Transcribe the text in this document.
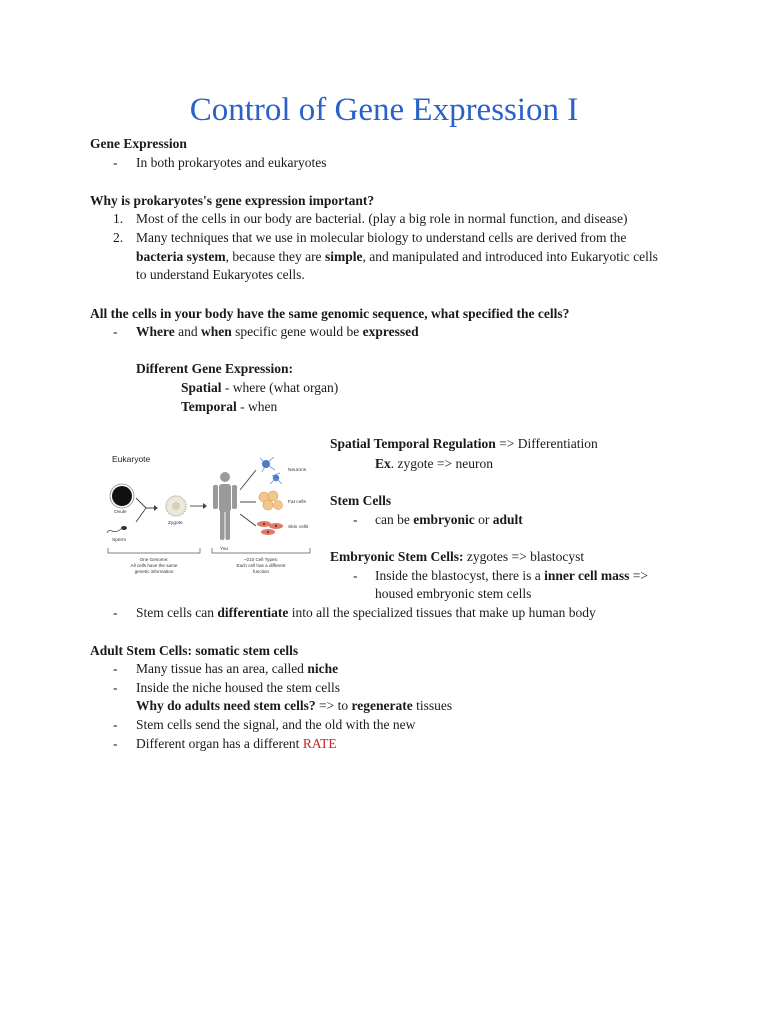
Control of Gene Expression I
Gene Expression
- In both prokaryotes and eukaryotes
Why is prokaryotes's gene expression important?
1. Most of the cells in our body are bacterial. (play a big role in normal function, and disease)
2. Many techniques that we use in molecular biology to understand cells are derived from the
bacteria system, because they are simple, and manipulated and introduced into Eukaryotic cells
to understand Eukaryotes cells.
All the cells in your body have the same genomic sequence, what specified the cells?
- Where and when specific gene would be expressed
Different Gene Expression:
Spatial - where (what organ)
Temporal - when
Eukaryote
Ovule
Sperm
Zygote
You
Neurons
Fat cells
Skin cells
One Genome:
All cells have the same
genetic information
~210 Cell Types:
Each cell has a different
function
Spatial Temporal Regulation => Differentiation
Ex. zygote => neuron
Stem Cells
- can be embryonic or adult
Embryonic Stem Cells: zygotes => blastocyst
- Inside the blastocyst, there is a inner cell mass =>
housed embryonic stem cells
- Stem cells can differentiate into all the specialized tissues that make up human body
Adult Stem Cells: somatic stem cells
- Many tissue has an area, called niche
- Inside the niche housed the stem cells
Why do adults need stem cells? => to regenerate tissues
- Stem cells send the signal, and the old with the new
- Different organ has a different RATE
